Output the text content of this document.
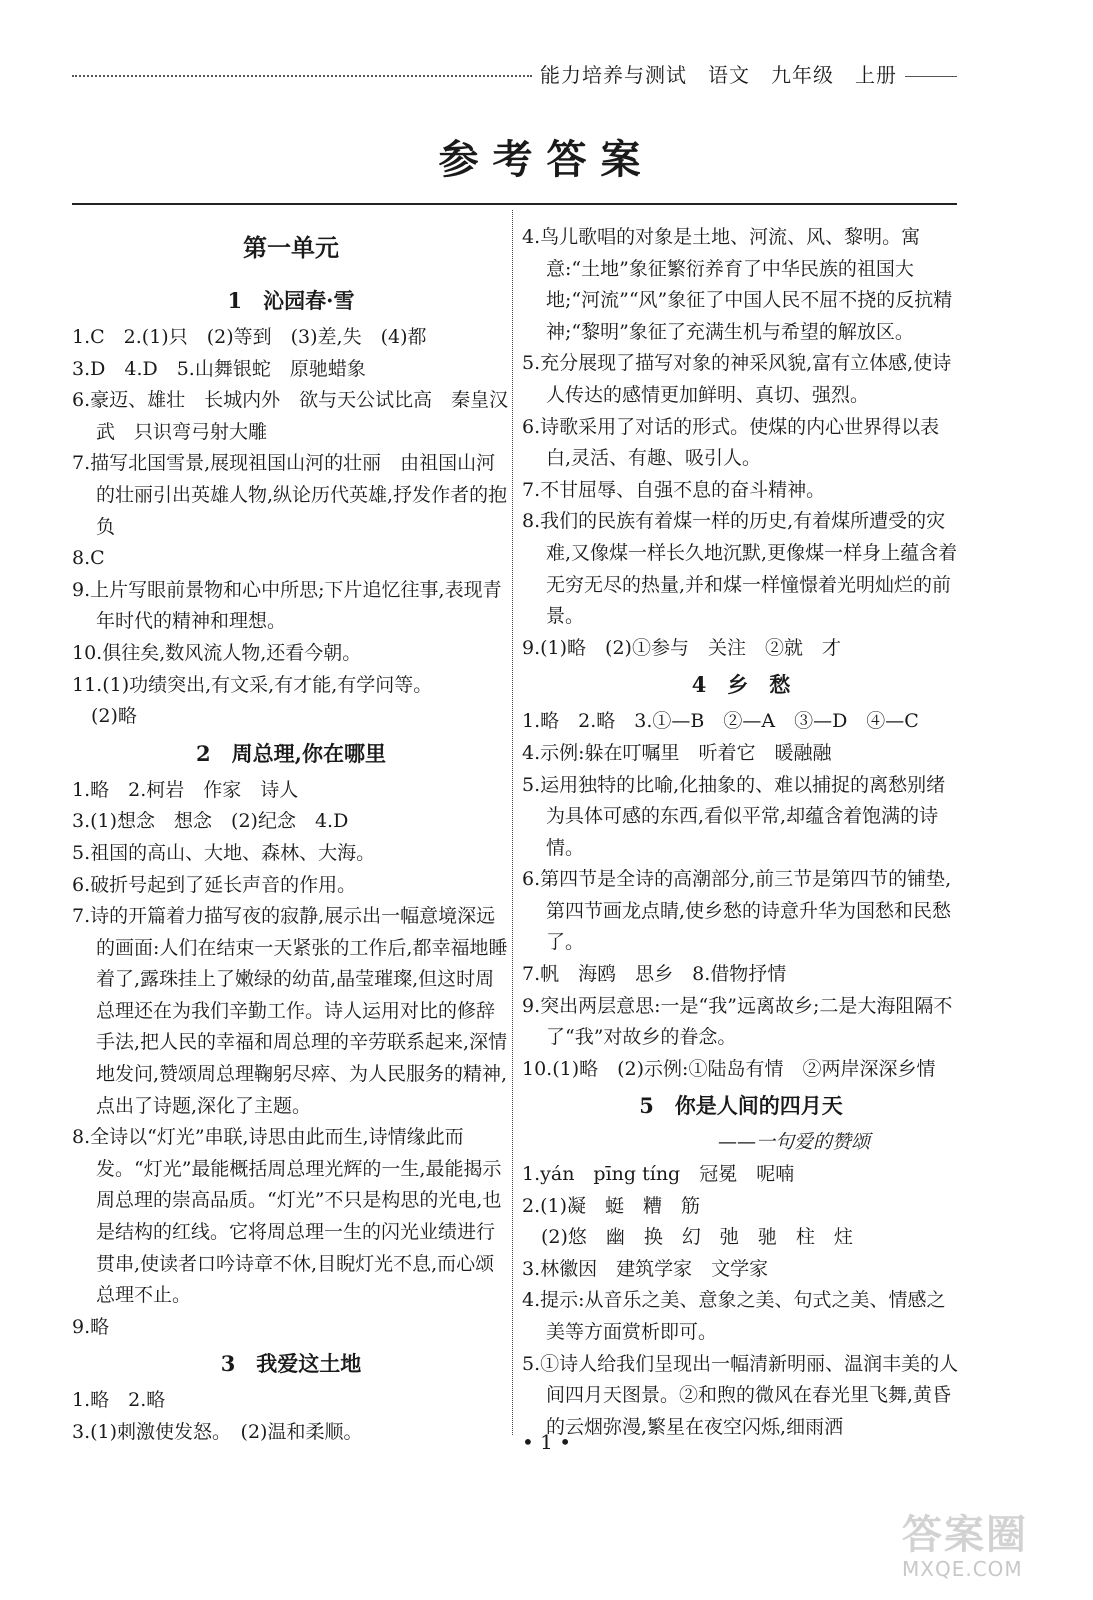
能力培养与测试　语文　九年级　上册
参考答案
第一单元
1　沁园春·雪
1.C　2.(1)只　(2)等到　(3)差,失　(4)都
3.D　4.D　5.山舞银蛇　原驰蜡象
6.豪迈、雄壮　长城内外　欲与天公试比高　秦皇汉武　只识弯弓射大雕
7.描写北国雪景,展现祖国山河的壮丽　由祖国山河的壮丽引出英雄人物,纵论历代英雄,抒发作者的抱负
8.C
9.上片写眼前景物和心中所思;下片追忆往事,表现青年时代的精神和理想。
10.俱往矣,数风流人物,还看今朝。
11.(1)功绩突出,有文采,有才能,有学问等。
　(2)略
2　周总理,你在哪里
1.略　2.柯岩　作家　诗人
3.(1)想念　想念　(2)纪念　4.D
5.祖国的高山、大地、森林、大海。
6.破折号起到了延长声音的作用。
7.诗的开篇着力描写夜的寂静,展示出一幅意境深远的画面:人们在结束一天紧张的工作后,都幸福地睡着了,露珠挂上了嫩绿的幼苗,晶莹璀璨,但这时周总理还在为我们辛勤工作。诗人运用对比的修辞手法,把人民的幸福和周总理的辛劳联系起来,深情地发问,赞颂周总理鞠躬尽瘁、为人民服务的精神,点出了诗题,深化了主题。
8.全诗以“灯光”串联,诗思由此而生,诗情缘此而发。“灯光”最能概括周总理光辉的一生,最能揭示周总理的崇高品质。“灯光”不只是构思的光电,也是结构的红线。它将周总理一生的闪光业绩进行贯串,使读者口吟诗章不休,目睨灯光不息,而心颂总理不止。
9.略
3　我爱这土地
1.略　2.略
3.(1)刺激使发怒。　(2)温和柔顺。
4.鸟儿歌唱的对象是土地、河流、风、黎明。寓意:“土地”象征繁衍养育了中华民族的祖国大地;“河流”“风”象征了中国人民不屈不挠的反抗精神;“黎明”象征了充满生机与希望的解放区。
5.充分展现了描写对象的神采风貌,富有立体感,使诗人传达的感情更加鲜明、真切、强烈。
6.诗歌采用了对话的形式。使煤的内心世界得以表白,灵活、有趣、吸引人。
7.不甘屈辱、自强不息的奋斗精神。
8.我们的民族有着煤一样的历史,有着煤所遭受的灾难,又像煤一样长久地沉默,更像煤一样身上蕴含着无穷无尽的热量,并和煤一样憧憬着光明灿烂的前景。
9.(1)略　(2)①参与　关注　②就　才
4　乡　愁
1.略　2.略　3.①—B　②—A　③—D　④—C
4.示例:躲在叮嘱里　听着它　暖融融
5.运用独特的比喻,化抽象的、难以捕捉的离愁别绪为具体可感的东西,看似平常,却蕴含着饱满的诗情。
6.第四节是全诗的高潮部分,前三节是第四节的铺垫,第四节画龙点睛,使乡愁的诗意升华为国愁和民愁了。
7.帆　海鸥　思乡　8.借物抒情
9.突出两层意思:一是“我”远离故乡;二是大海阻隔不了“我”对故乡的眷念。
10.(1)略　(2)示例:①陆岛有情　②两岸深深乡情
5　你是人间的四月天
——一句爱的赞颂
1.yán　pīng tíng　冠冕　呢喃
2.(1)凝　蜓　糟　筋
　(2)悠　幽　换　幻　弛　驰　柱　炷
3.林徽因　建筑学家　文学家
4.提示:从音乐之美、意象之美、句式之美、情感之美等方面赏析即可。
5.①诗人给我们呈现出一幅清新明丽、温润丰美的人间四月天图景。②和煦的微风在春光里飞舞,黄昏的云烟弥漫,繁星在夜空闪烁,细雨洒
• 1 •
答案圈
MXQE.COM
